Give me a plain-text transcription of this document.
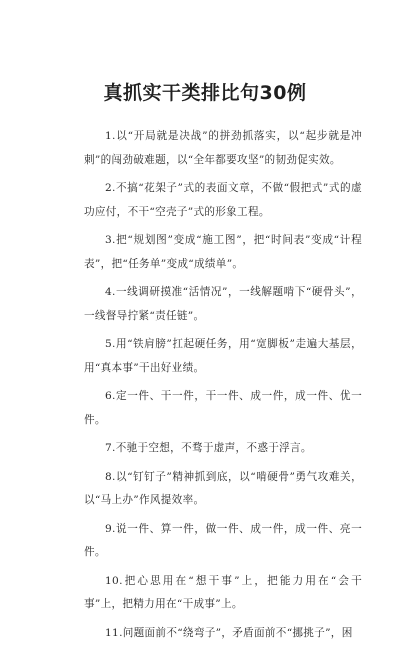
真抓实干类排比句30例

1.以“开局就是决战”的拼劲抓落实，以“起步就是冲刺”的闯劲破难题，以“全年都要攻坚”的韧劲促实效。

2.不搞“花架子”式的表面文章，不做“假把式”式的虚功应付，不干“空壳子”式的形象工程。

3.把“规划图”变成“施工图”，把“时间表”变成“计程表”，把“任务单”变成“成绩单”。

4.一线调研摸准“活情况”，一线解题啃下“硬骨头”，一线督导拧紧“责任链”。

5.用“铁肩膀”扛起硬任务，用“宽脚板”走遍大基层，用“真本事”干出好业绩。

6.定一件、干一件，干一件、成一件，成一件、优一件。

7.不驰于空想，不骛于虚声，不惑于浮言。

8.以“钉钉子”精神抓到底，以“啃硬骨”勇气攻难关，以“马上办”作风提效率。

9.说一件、算一件，做一件、成一件，成一件、亮一件。

10.把心思用在“想干事”上，把能力用在“会干事”上，把精力用在“干成事”上。

11.问题面前不“绕弯子”，矛盾面前不“挪挑子”，困
